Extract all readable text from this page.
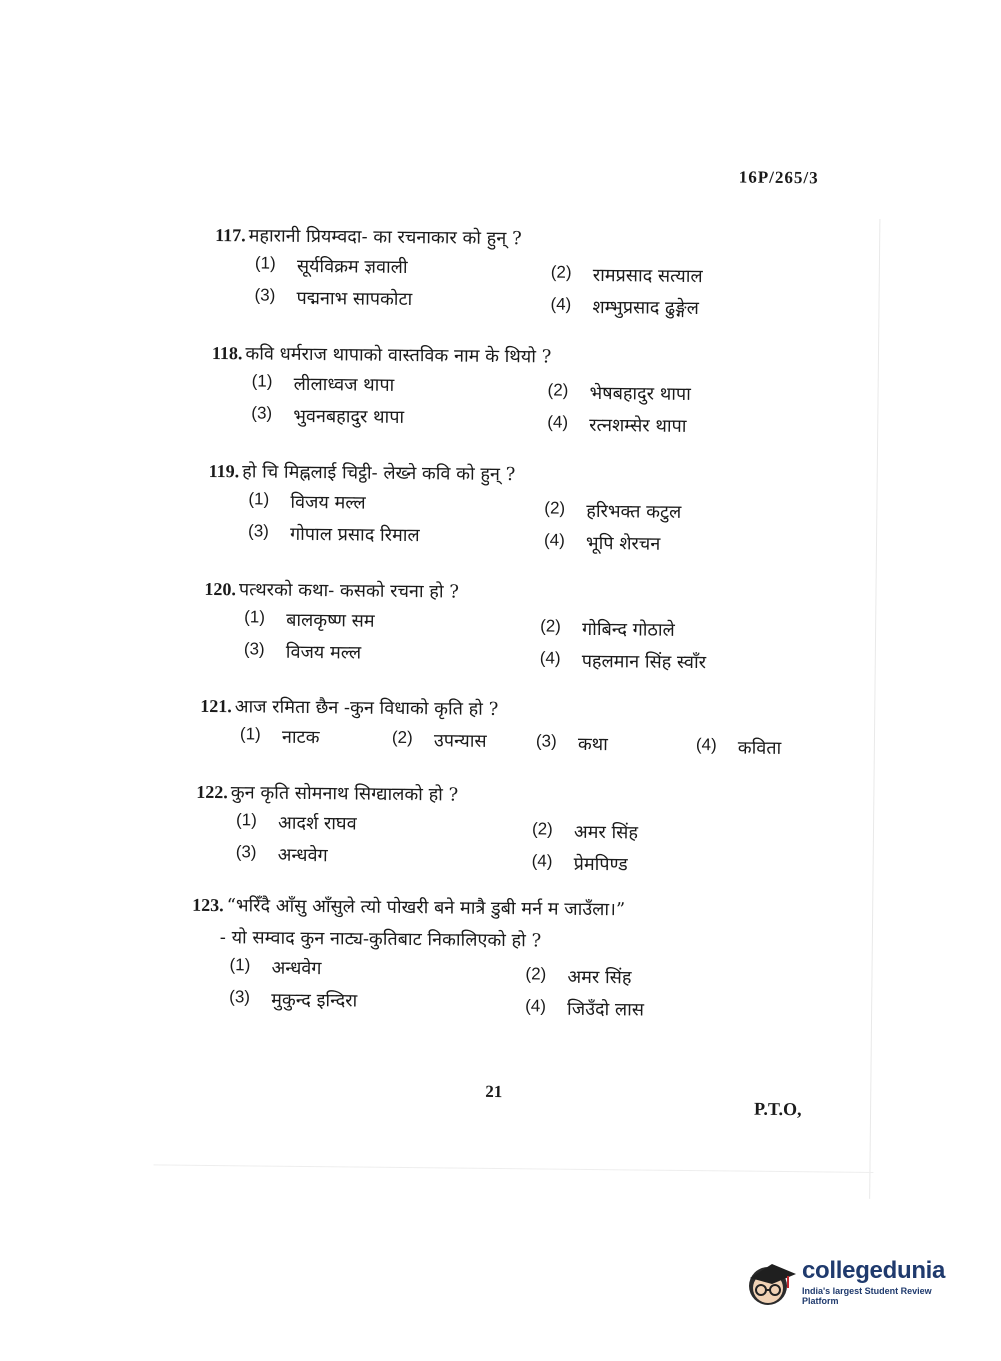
16P/265/3
117. महारानी प्रियम्वदा- का रचनाकार को हुन् ?
(1)	सूर्यविक्रम ज्ञवाली	(2)	रामप्रसाद सत्याल
(3)	पद्मनाभ सापकोटा	(4)	शम्भुप्रसाद ढुङ्गेल
118. कवि धर्मराज थापाको वास्तविक नाम के थियो ?
(1)	लीलाध्वज थापा	(2)	भेषबहादुर थापा
(3)	भुवनबहादुर थापा	(4)	रत्नशम्सेर थापा
119. हो चि मिह्नलाई चिट्ठी- लेख्ने कवि को हुन् ?
(1)	विजय मल्ल	(2)	हरिभक्त कटुल
(3)	गोपाल प्रसाद रिमाल	(4)	भूपि शेरचन
120. पत्थरको कथा- कसको रचना हो ?
(1)	बालकृष्ण सम	(2)	गोबिन्द गोठाले
(3)	विजय मल्ल	(4)	पहलमान सिंह स्वाँर
121. आज रमिता छैन -कुन विधाको कृति हो ?
(1)	नाटक	(2)	उपन्यास	(3)	कथा	(4)	कविता
122. कुन कृति सोमनाथ सिग्द्यालको हो ?
(1)	आदर्श राघव	(2)	अमर सिंह
(3)	अन्धवेग	(4)	प्रेमपिण्ड
123. “भरिँदै आँसु आँसुले त्यो पोखरी बने मात्रै डुबी मर्न म जाउँला।”
- यो सम्वाद कुन नाट्य-कुतिबाट निकालिएको हो ?
(1)	अन्धवेग	(2)	अमर सिंह
(3)	मुकुन्द इन्दिरा	(4)	जिउँदो लास
21
P.T.O,
collegedunia
India's largest Student Review Platform
